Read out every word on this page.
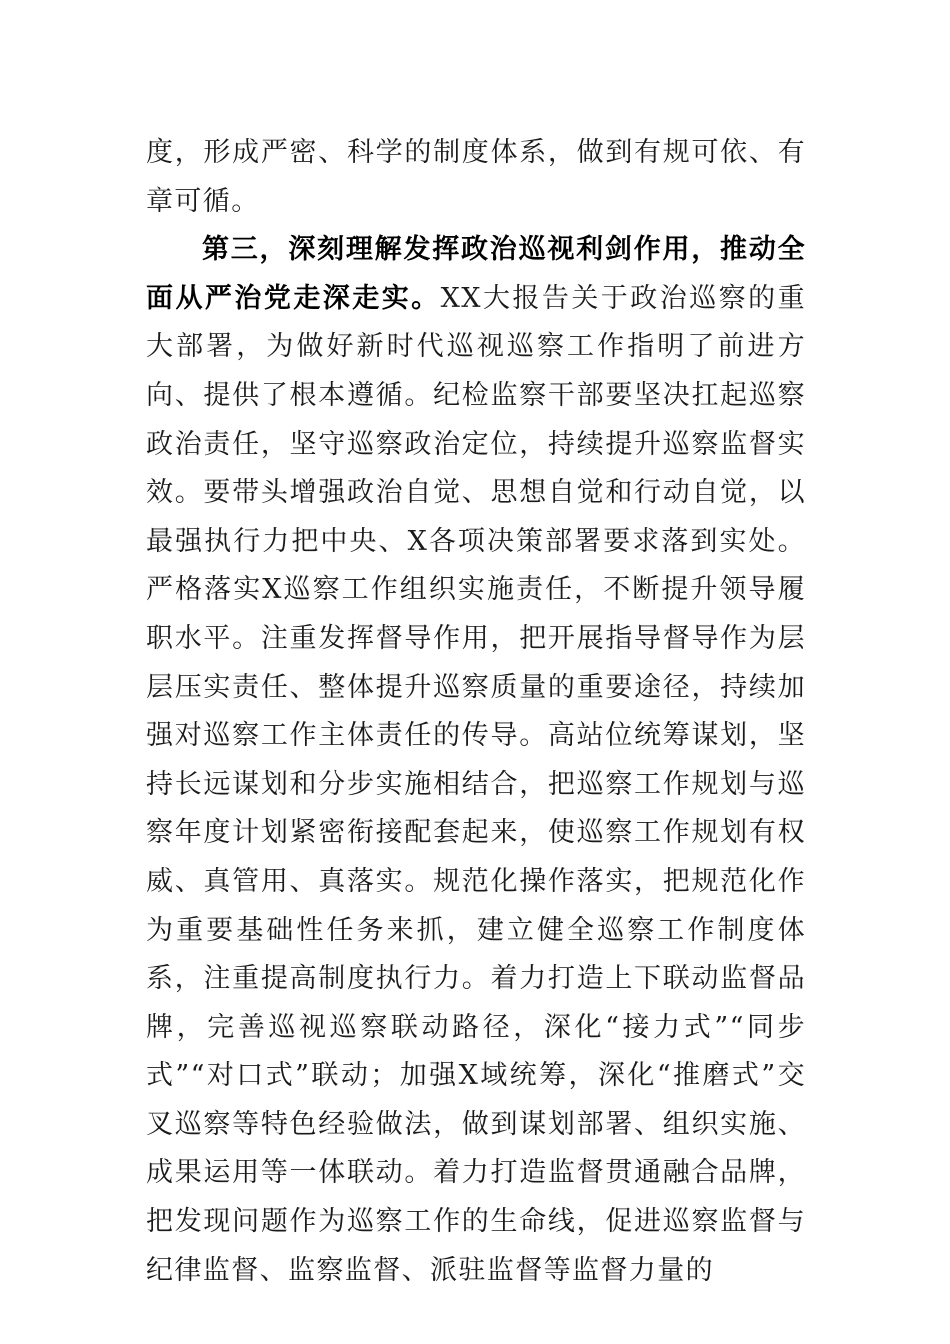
度，形成严密、科学的制度体系，做到有规可依、有章可循。

第三，深刻理解发挥政治巡视利剑作用，推动全面从严治党走深走实。XX大报告关于政治巡察的重大部署，为做好新时代巡视巡察工作指明了前进方向、提供了根本遵循。纪检监察干部要坚决扛起巡察政治责任，坚守巡察政治定位，持续提升巡察监督实效。要带头增强政治自觉、思想自觉和行动自觉，以最强执行力把中央、X各项决策部署要求落到实处。严格落实X巡察工作组织实施责任，不断提升领导履职水平。注重发挥督导作用，把开展指导督导作为层层压实责任、整体提升巡察质量的重要途径，持续加强对巡察工作主体责任的传导。高站位统筹谋划，坚持长远谋划和分步实施相结合，把巡察工作规划与巡察年度计划紧密衔接配套起来，使巡察工作规划有权威、真管用、真落实。规范化操作落实，把规范化作为重要基础性任务来抓，建立健全巡察工作制度体系，注重提高制度执行力。着力打造上下联动监督品牌，完善巡视巡察联动路径，深化“接力式”“同步式”“对口式”联动；加强X域统筹，深化“推磨式”交叉巡察等特色经验做法，做到谋划部署、组织实施、成果运用等一体联动。着力打造监督贯通融合品牌，把发现问题作为巡察工作的生命线，促进巡察监督与纪律监督、监察监督、派驻监督等监督力量的
